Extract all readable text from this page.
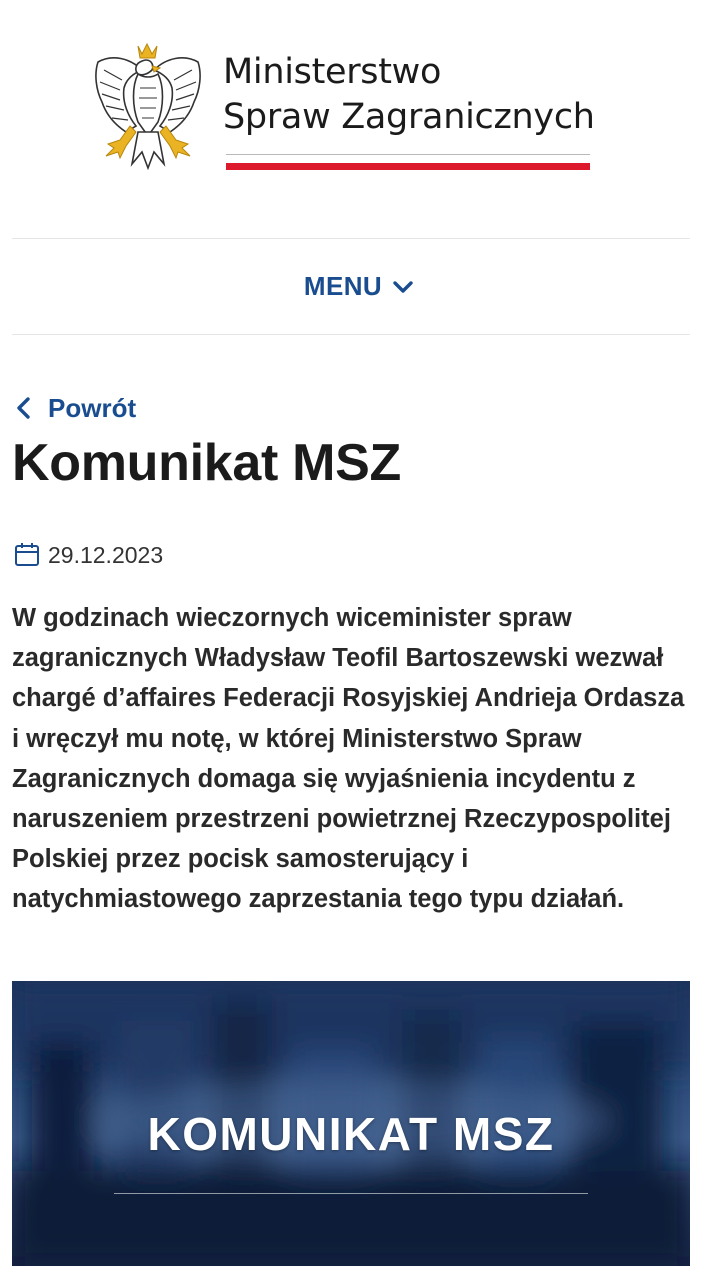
Ministerstwo
Spraw Zagranicznych
MENU
Powrót
Komunikat MSZ
29.12.2023

W godzinach wieczornych wiceminister spraw zagranicznych Władysław Teofil Bartoszewski wezwał chargé d’affaires Federacji Rosyjskiej Andrieja Ordasza i wręczył mu notę, w której Ministerstwo Spraw Zagranicznych domaga się wyjaśnienia incydentu z naruszeniem przestrzeni powietrznej Rzeczypospolitej Polskiej przez pocisk samosterujący i natychmiastowego zaprzestania tego typu działań.

KOMUNIKAT MSZ
